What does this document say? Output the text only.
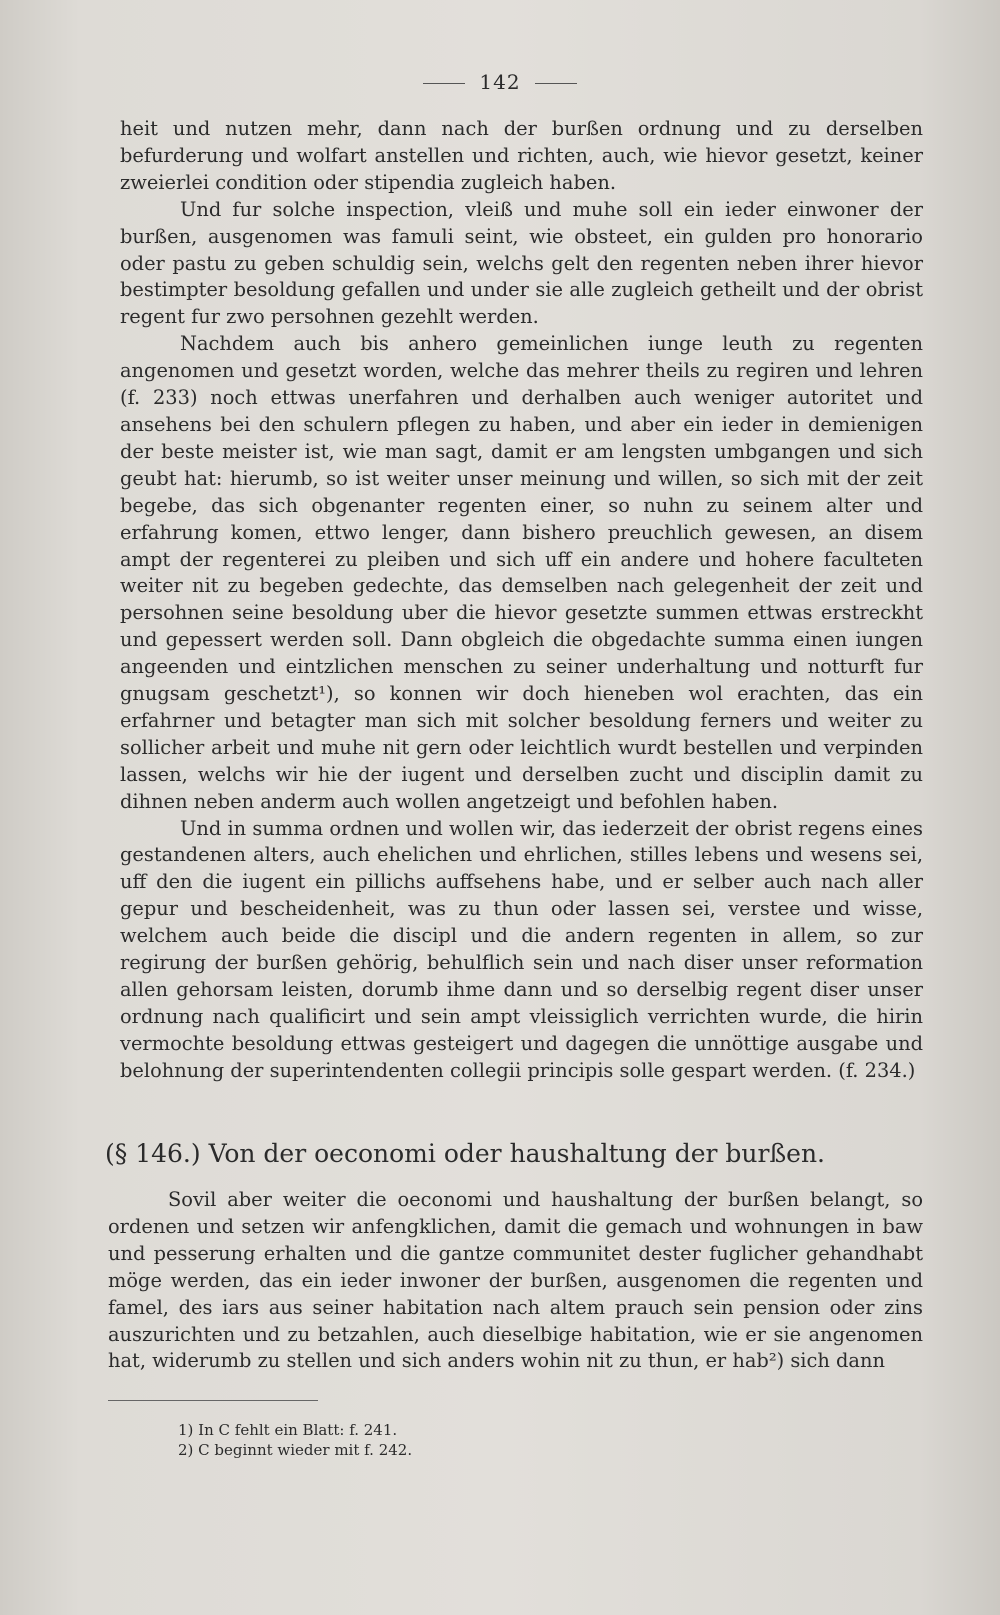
142

heit und nutzen mehr, dann nach der burßen ordnung und zu derselben befurderung und wolfart anstellen und richten, auch, wie hievor gesetzt, keiner zweierlei condition oder stipendia zugleich haben.

Und fur solche inspection, vleiß und muhe soll ein ieder einwoner der burßen, ausgenomen was famuli seint, wie obsteet, ein gulden pro honorario oder pastu zu geben schuldig sein, welchs gelt den regenten neben ihrer hievor bestimpter besoldung gefallen und under sie alle zugleich getheilt und der obrist regent fur zwo persohnen gezehlt werden.

Nachdem auch bis anhero gemeinlichen iunge leuth zu regenten angenomen und gesetzt worden, welche das mehrer theils zu regiren und lehren (f. 233) noch ettwas unerfahren und derhalben auch weniger autoritet und ansehens bei den schulern pflegen zu haben, und aber ein ieder in demienigen der beste meister ist, wie man sagt, damit er am lengsten umbgangen und sich geubt hat: hierumb, so ist weiter unser meinung und willen, so sich mit der zeit begebe, das sich obgenanter regenten einer, so nuhn zu seinem alter und erfahrung komen, ettwo lenger, dann bishero preuchlich gewesen, an disem ampt der regenterei zu pleiben und sich uff ein andere und hohere faculteten weiter nit zu begeben gedechte, das demselben nach gelegenheit der zeit und persohnen seine besoldung uber die hievor gesetzte summen ettwas erstreckht und gepessert werden soll. Dann obgleich die obgedachte summa einen iungen angeenden und eintzlichen menschen zu seiner underhaltung und notturft fur gnugsam geschetzt¹), so konnen wir doch hieneben wol erachten, das ein erfahrner und betagter man sich mit solcher besoldung ferners und weiter zu sollicher arbeit und muhe nit gern oder leichtlich wurdt bestellen und verpinden lassen, welchs wir hie der iugent und derselben zucht und disciplin damit zu dihnen neben anderm auch wollen angetzeigt und befohlen haben.

Und in summa ordnen und wollen wir, das iederzeit der obrist regens eines gestandenen alters, auch ehelichen und ehrlichen, stilles lebens und wesens sei, uff den die iugent ein pillichs auffsehens habe, und er selber auch nach aller gepur und bescheidenheit, was zu thun oder lassen sei, verstee und wisse, welchem auch beide die discipl und die andern regenten in allem, so zur regirung der burßen gehörig, behulflich sein und nach diser unser reformation allen gehorsam leisten, dorumb ihme dann und so derselbig regent diser unser ordnung nach qualificirt und sein ampt vleissiglich verrichten wurde, die hirin vermochte besoldung ettwas gesteigert und dagegen die unnöttige ausgabe und belohnung der superintendenten collegii principis solle gespart werden. (f. 234.)

(§ 146.) Von der oeconomi oder haushaltung der burßen.

Sovil aber weiter die oeconomi und haushaltung der burßen belangt, so ordenen und setzen wir anfengklichen, damit die gemach und wohnungen in baw und pesserung erhalten und die gantze communitet dester fuglicher gehandhabt möge werden, das ein ieder inwoner der burßen, ausgenomen die regenten und famel, des iars aus seiner habitation nach altem prauch sein pension oder zins auszurichten und zu betzahlen, auch dieselbige habitation, wie er sie angenomen hat, widerumb zu stellen und sich anders wohin nit zu thun, er hab²) sich dann

1) In C fehlt ein Blatt: f. 241.
2) C beginnt wieder mit f. 242.
